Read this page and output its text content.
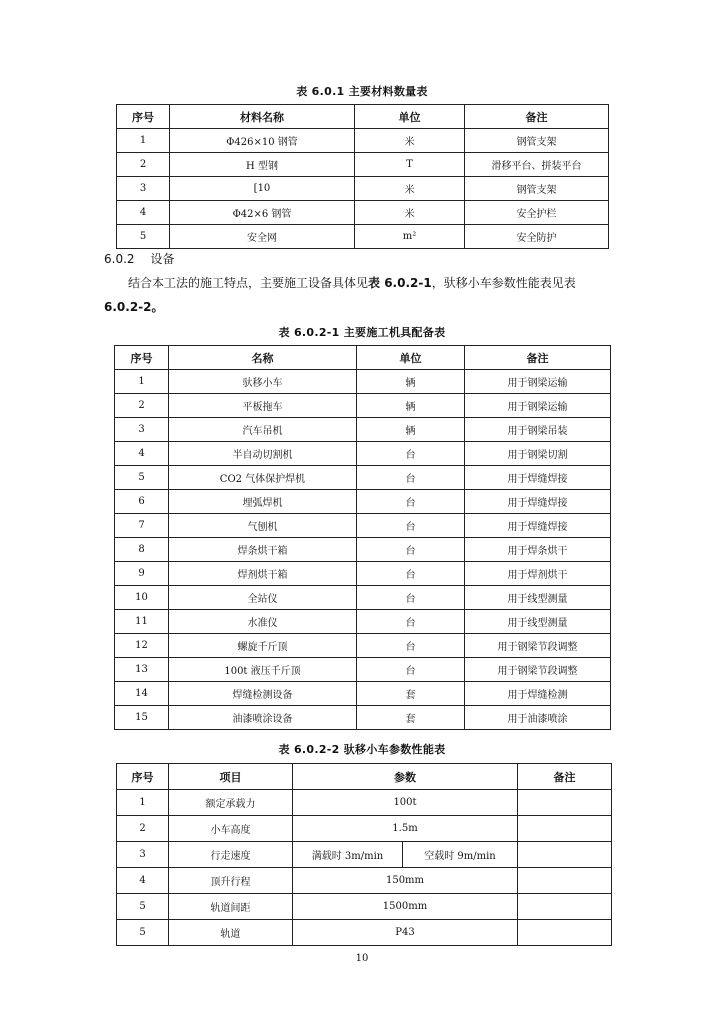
表 6.0.1 主要材料数量表
序号	材料名称	单位	备注
1	Φ426×10 钢管	米	钢管支架
2	H 型钢	T	滑移平台、拼装平台
3	[10	米	钢管支架
4	Φ42×6 钢管	米	安全护栏
5	安全网	m²	安全防护
6.0.2 设备
结合本工法的施工特点，主要施工设备具体见表 6.0.2-1，驮移小车参数性能表见表
6.0.2-2。
表 6.0.2-1 主要施工机具配备表
序号	名称	单位	备注
1	驮移小车	辆	用于钢梁运输
2	平板拖车	辆	用于钢梁运输
3	汽车吊机	辆	用于钢梁吊装
4	半自动切割机	台	用于钢梁切割
5	CO2 气体保护焊机	台	用于焊缝焊接
6	埋弧焊机	台	用于焊缝焊接
7	气刨机	台	用于焊缝焊接
8	焊条烘干箱	台	用于焊条烘干
9	焊剂烘干箱	台	用于焊剂烘干
10	全站仪	台	用于线型测量
11	水准仪	台	用于线型测量
12	螺旋千斤顶	台	用于钢梁节段调整
13	100t 液压千斤顶	台	用于钢梁节段调整
14	焊缝检测设备	套	用于焊缝检测
15	油漆喷涂设备	套	用于油漆喷涂
表 6.0.2-2 驮移小车参数性能表
序号	项目	参数		备注
1	额定承载力	100t		
2	小车高度	1.5m		
3	行走速度	满载时 3m/min	空载时 9m/min	
4	顶升行程	150mm		
5	轨道间距	1500mm		
5	轨道	P43		
10
